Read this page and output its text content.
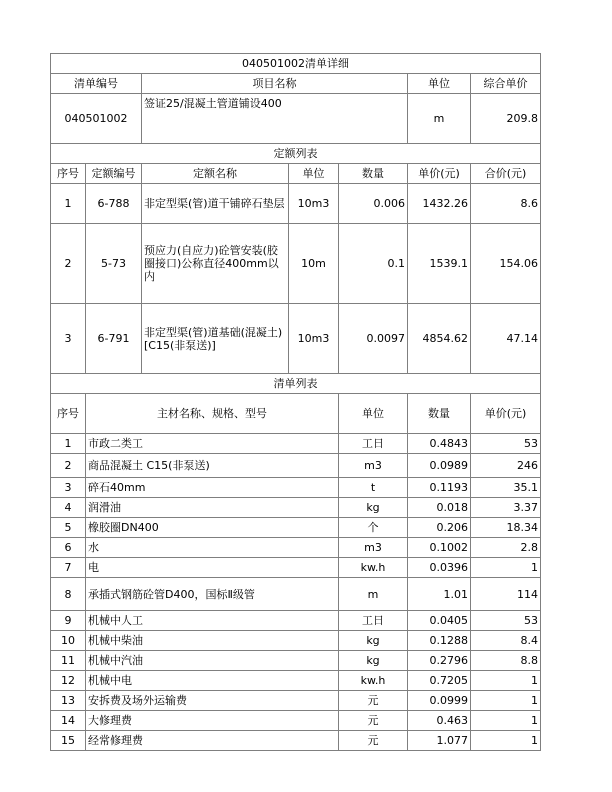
040501002清单详细							
清单编号		项目名称			单位	综合单价	
040501002		签证25/混凝土管道铺设400			m	209.8	
定额列表							
序号	定额编号	定额名称	单位	数量	单价(元)	合价(元)	
1	6-788	非定型渠(管)道干铺碎石垫层	10m3	0.006	1432.26	8.6	
2	5-73	预应力(自应力)砼管安装(胶圈接口)公称直径400mm以内	10m	0.1	1539.1	154.06	
3	6-791	非定型渠(管)道基础(混凝土)[C15(非泵送)]	10m3	0.0097	4854.62	47.14	
清单列表							
序号	主材名称、规格、型号			单位	数量	单价(元)	
1	市政二类工			工日	0.4843	53	
2	商品混凝土 C15(非泵送)			m3	0.0989	246	
3	碎石40mm			t	0.1193	35.1	
4	润滑油			kg	0.018	3.37	
5	橡胶圈DN400			个	0.206	18.34	
6	水			m3	0.1002	2.8	
7	电			kw.h	0.0396	1	
8	承插式钢筋砼管D400，国标Ⅱ级管			m	1.01	114	
9	机械中人工			工日	0.0405	53	
10	机械中柴油			kg	0.1288	8.4	
11	机械中汽油			kg	0.2796	8.8	
12	机械中电			kw.h	0.7205	1	
13	安拆费及场外运输费			元	0.0999	1	
14	大修理费			元	0.463	1	
15	经常修理费			元	1.077	1	
